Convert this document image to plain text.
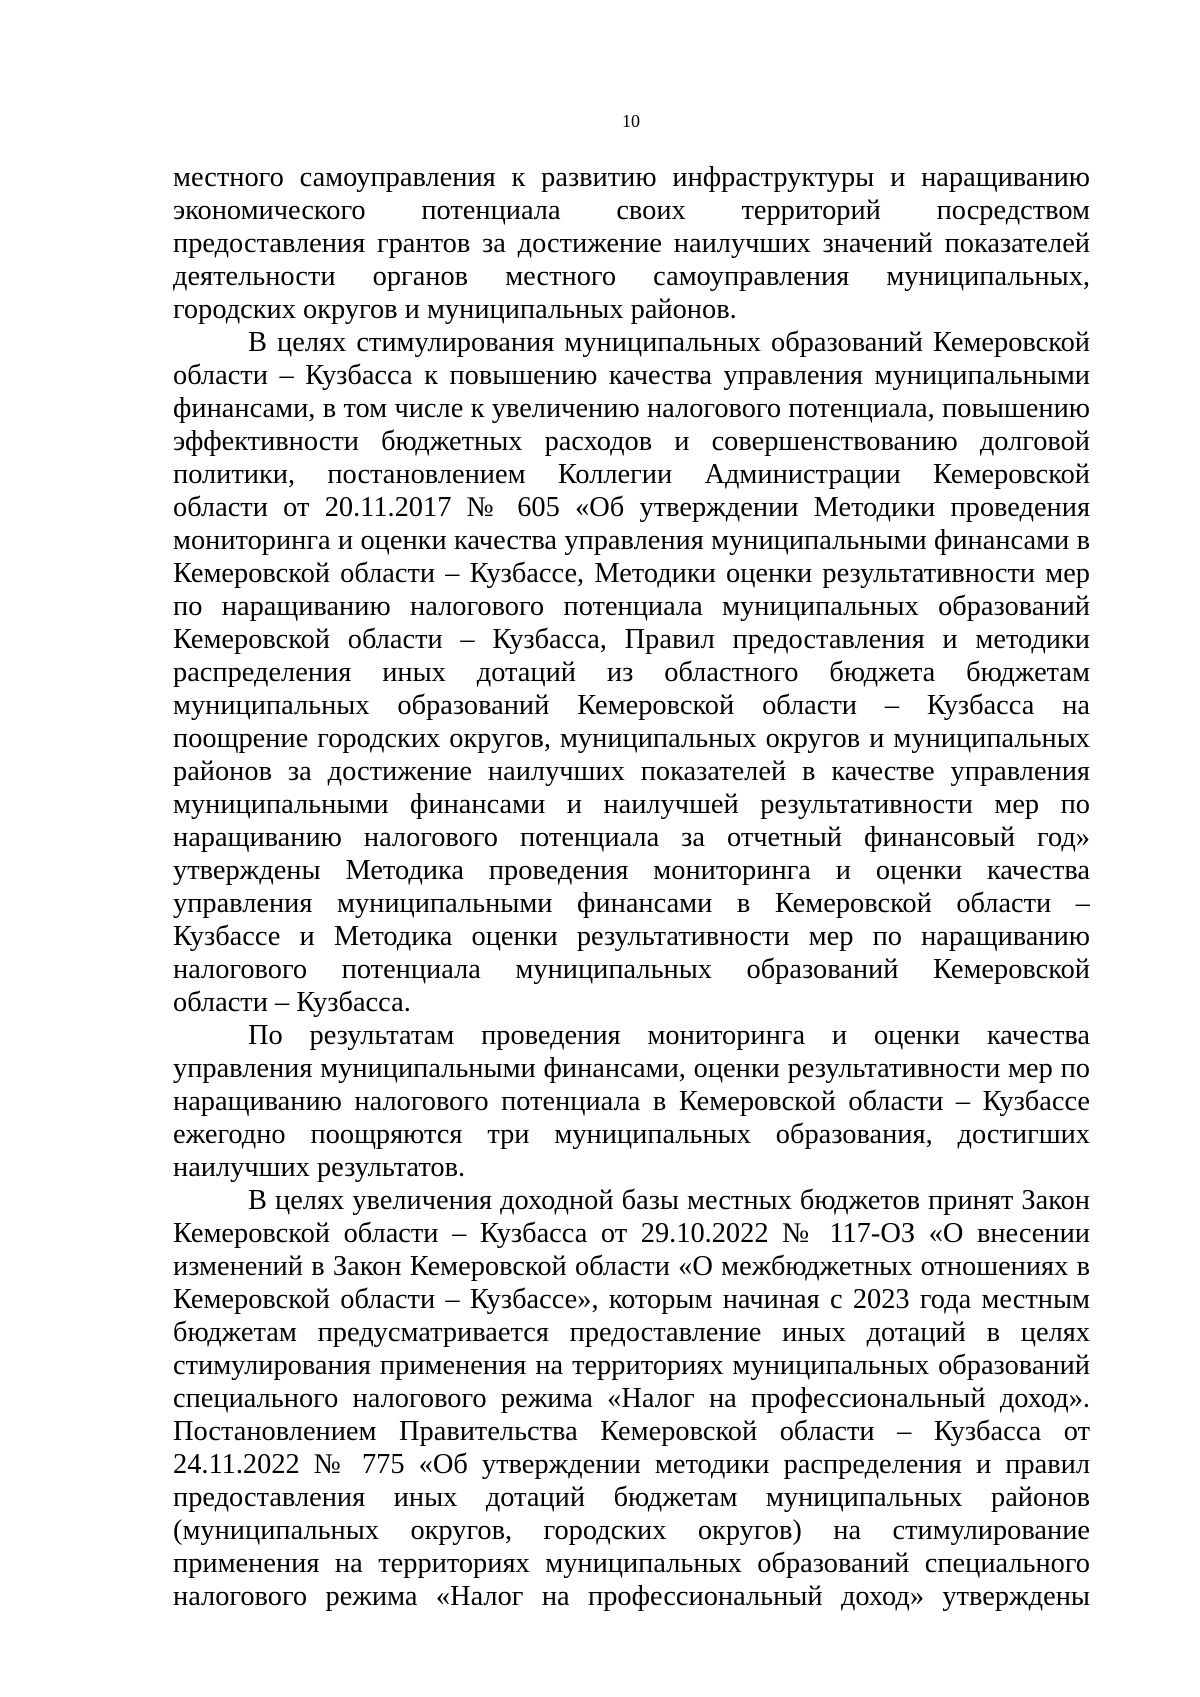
10
местного самоуправления к развитию инфраструктуры и наращиванию
экономического потенциала своих территорий посредством
предоставления грантов за достижение наилучших значений показателей
деятельности органов местного самоуправления муниципальных,
городских округов и муниципальных районов.
В целях стимулирования муниципальных образований Кемеровской
области – Кузбасса к повышению качества управления муниципальными
финансами, в том числе к увеличению налогового потенциала, повышению
эффективности бюджетных расходов и совершенствованию долговой
политики, постановлением Коллегии Администрации Кемеровской
области от 20.11.2017 № 605 «Об утверждении Методики проведения
мониторинга и оценки качества управления муниципальными финансами в
Кемеровской области – Кузбассе, Методики оценки результативности мер
по наращиванию налогового потенциала муниципальных образований
Кемеровской области – Кузбасса, Правил предоставления и методики
распределения иных дотаций из областного бюджета бюджетам
муниципальных образований Кемеровской области – Кузбасса на
поощрение городских округов, муниципальных округов и муниципальных
районов за достижение наилучших показателей в качестве управления
муниципальными финансами и наилучшей результативности мер по
наращиванию налогового потенциала за отчетный финансовый год»
утверждены Методика проведения мониторинга и оценки качества
управления муниципальными финансами в Кемеровской области –
Кузбассе и Методика оценки результативности мер по наращиванию
налогового потенциала муниципальных образований Кемеровской
области – Кузбасса.
По результатам проведения мониторинга и оценки качества
управления муниципальными финансами, оценки результативности мер по
наращиванию налогового потенциала в Кемеровской области – Кузбассе
ежегодно поощряются три муниципальных образования, достигших
наилучших результатов.
В целях увеличения доходной базы местных бюджетов принят Закон
Кемеровской области – Кузбасса от 29.10.2022 № 117-ОЗ «О внесении
изменений в Закон Кемеровской области «О межбюджетных отношениях в
Кемеровской области – Кузбассе», которым начиная с 2023 года местным
бюджетам предусматривается предоставление иных дотаций в целях
стимулирования применения на территориях муниципальных образований
специального налогового режима «Налог на профессиональный доход».
Постановлением Правительства Кемеровской области – Кузбасса от
24.11.2022 № 775 «Об утверждении методики распределения и правил
предоставления иных дотаций бюджетам муниципальных районов
(муниципальных округов, городских округов) на стимулирование
применения на территориях муниципальных образований специального
налогового режима «Налог на профессиональный доход» утверждены
